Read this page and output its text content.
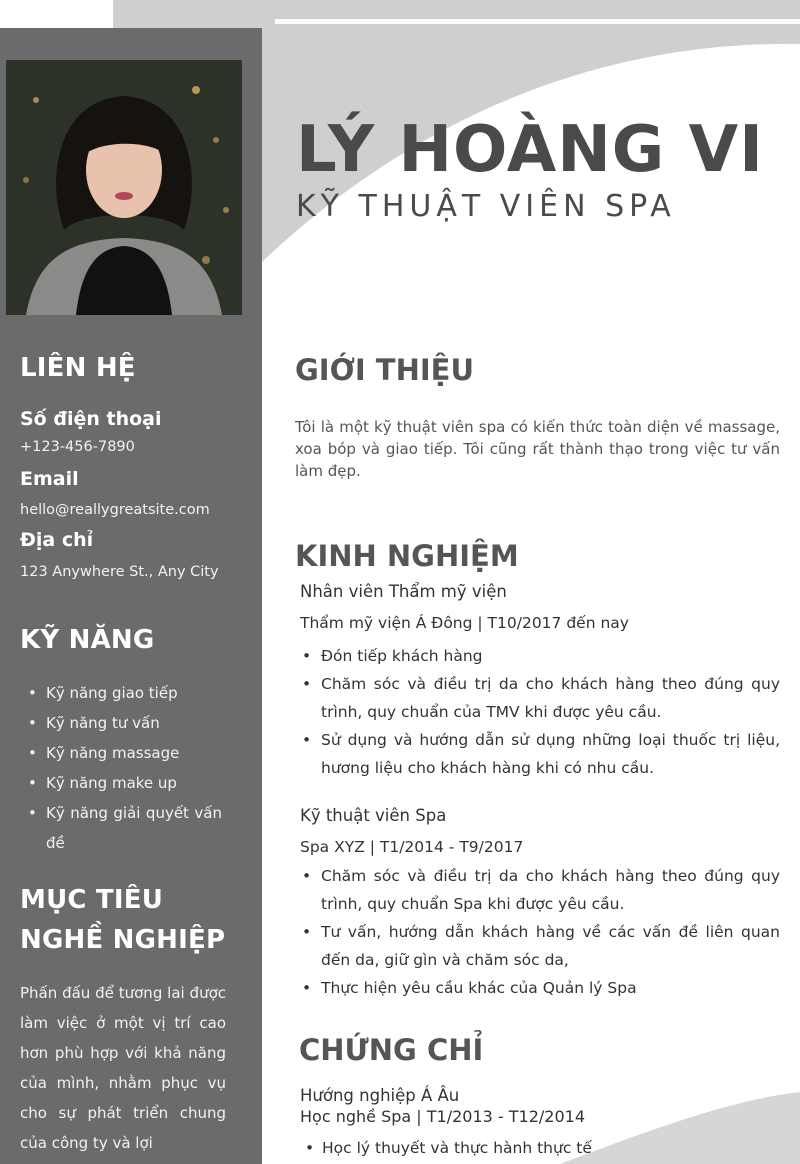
LIÊN HỆ
Số điện thoại
+123-456-7890
Email
hello@reallygreatsite.com
Địa chỉ
123 Anywhere St., Any City
KỸ NĂNG
MỤC TIÊU
NGHỀ NGHIỆP
• Kỹ năng giao tiếp
• Kỹ năng tư vấn
• Kỹ năng massage
• Kỹ năng make up
• Kỹ năng giải quyết vấn đề

Phấn đấu để tương lai được làm việc ở một vị trí cao hơn phù hợp với khả năng của mình, nhằm phục vụ cho sự phát triển chung của công ty và lợi

LÝ HOÀNG VI
KỸ THUẬT VIÊN SPA
GIỚI THIỆU

Tôi là một kỹ thuật viên spa có kiến thức toàn diện về massage, xoa bóp và giao tiếp. Tôi cũng rất thành thạo trong việc tư vấn làm đẹp.

KINH NGHIỆM
Nhân viên Thẩm mỹ viện
Thẩm mỹ viện Á Đông | T10/2017 đến nay
• Đón tiếp khách hàng
• Chăm sóc và điều trị da cho khách hàng theo đúng quy trình, quy chuẩn của TMV khi được yêu cầu.
• Sử dụng và hướng dẫn sử dụng những loại thuốc trị liệu, hương liệu cho khách hàng khi có nhu cầu.
Kỹ thuật viên Spa
Spa XYZ | T1/2014 - T9/2017
• Chăm sóc và điều trị da cho khách hàng theo đúng quy trình, quy chuẩn Spa khi được yêu cầu.
• Tư vấn, hướng dẫn khách hàng về các vấn đề liên quan đến da, giữ gìn và chăm sóc da,
• Thực hiện yêu cầu khác của Quản lý Spa
CHỨNG CHỈ
Hướng nghiệp Á Âu
Học nghề Spa | T1/2013 - T12/2014
• Học lý thuyết và thực hành thực tế
